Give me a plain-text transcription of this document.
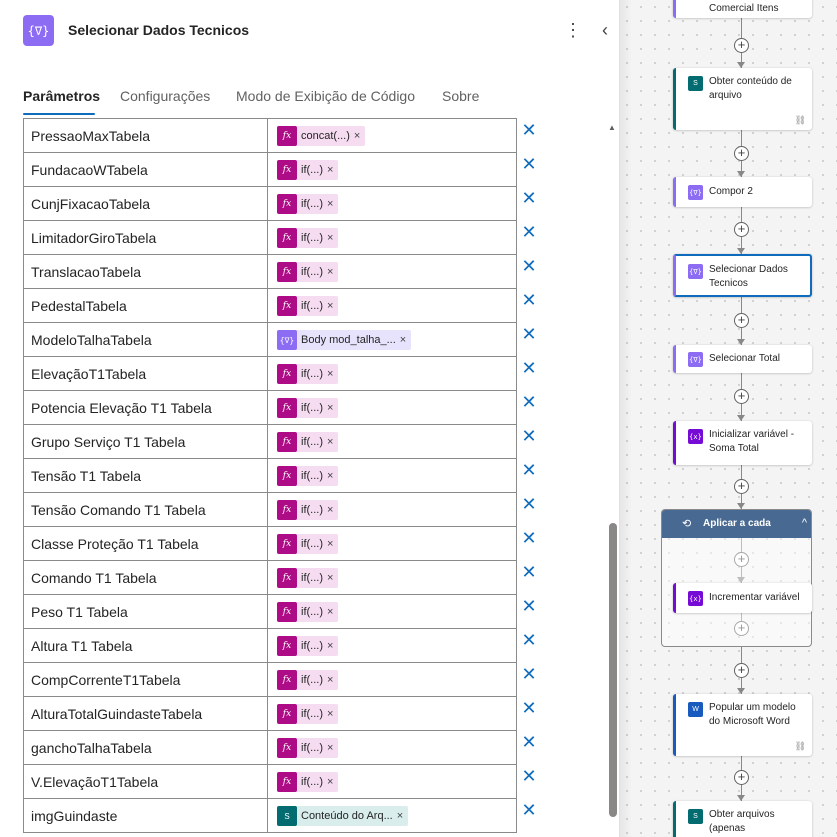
{∇}	Selecionar Dados Tecnicos	⋮	‹
Parâmetros Configurações Modo de Exibição de Código Sobre
PressaoMaxTabela	fx concat(...) ×	✕
FundacaoWTabela	fx if(...) ×	✕
CunjFixacaoTabela	fx if(...) ×	✕
LimitadorGiroTabela	fx if(...) ×	✕
TranslacaoTabela	fx if(...) ×	✕
PedestalTabela	fx if(...) ×	✕
ModeloTalhaTabela	{∇} Body mod_talha_... ×	✕
ElevaçãoT1Tabela	fx if(...) ×	✕
Potencia Elevação T1 Tabela	fx if(...) ×	✕
Grupo Serviço T1 Tabela	fx if(...) ×	✕
Tensão T1 Tabela	fx if(...) ×	✕
Tensão Comando T1 Tabela	fx if(...) ×	✕
Classe Proteção T1 Tabela	fx if(...) ×	✕
Comando T1 Tabela	fx if(...) ×	✕
Peso T1 Tabela	fx if(...) ×	✕
Altura T1 Tabela	fx if(...) ×	✕
CompCorrenteT1Tabela	fx if(...) ×	✕
AlturaTotalGuindasteTabela	fx if(...) ×	✕
ganchoTalhaTabela	fx if(...) ×	✕
V.ElevaçãoT1Tabela	fx if(...) ×	✕
imgGuindaste	S	Conteúdo do Arq... ×	✕
▲
+
+
+
+
+
+
+
+
+
+
Comercial Itens
S	Obter conteúdo de arquivo
⛓
{∇} Compor 2
{∇} Selecionar Dados Tecnicos
{∇} Selecionar Total
{x} Inicializar variável - Soma Total
⟲ Aplicar a cada	^
{x} Incrementar variável
W	Popular um modelo do Microsoft Word
⛓
S	Obter arquivos (apenas
